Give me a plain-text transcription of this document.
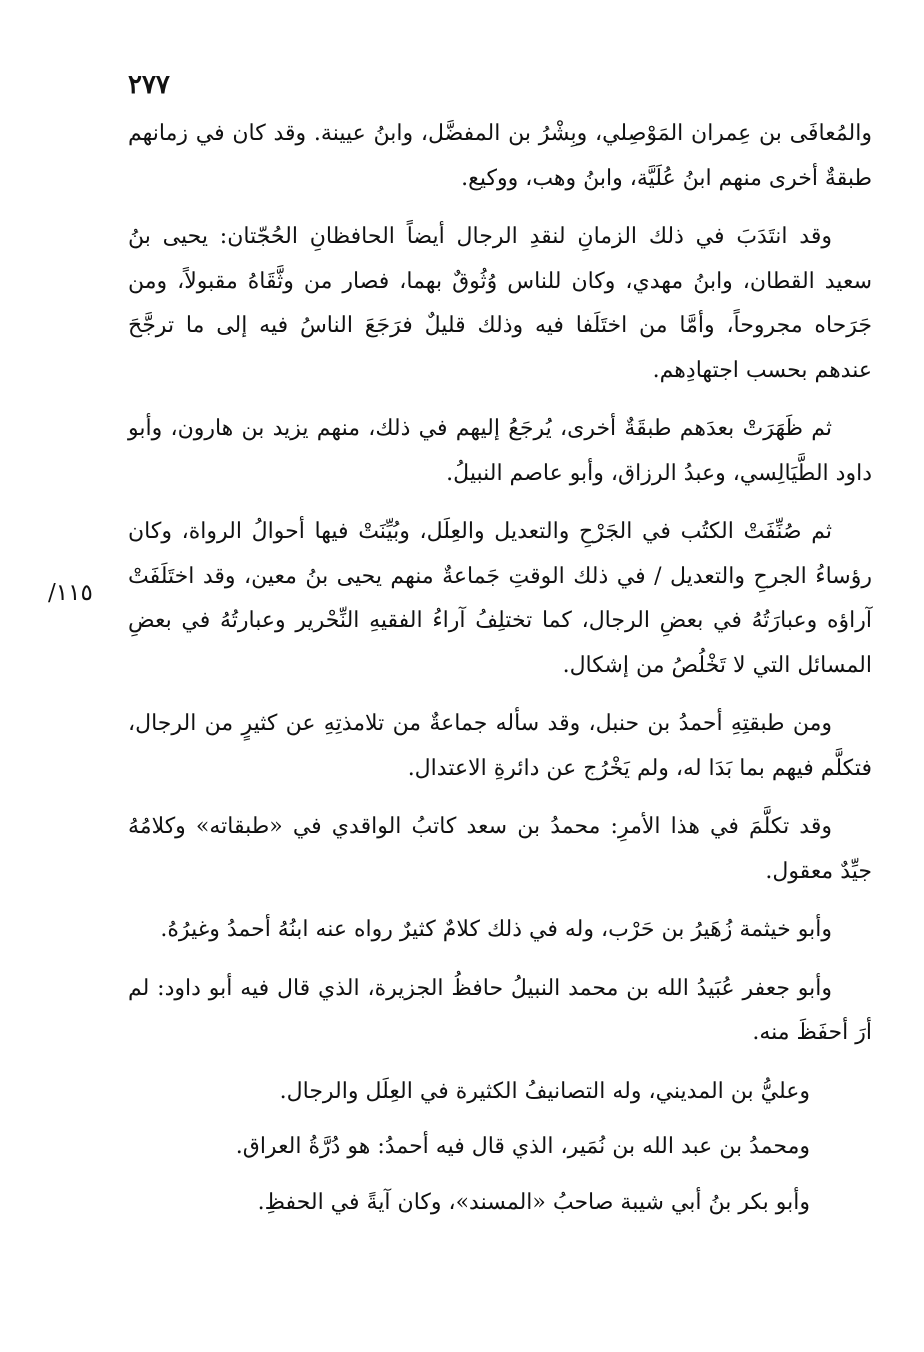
٢٧٧
١١٥/

والمُعافَى بن عِمران المَوْصِلي، وبِشْرُ بن المفضَّل، وابنُ عيينة. وقد كان في زمانهم طبقةٌ أخرى منهم ابنُ عُلَيَّة، وابنُ وهب، ووكيع.

وقد انتَدَبَ في ذلك الزمانِ لنقدِ الرجال أيضاً الحافظانِ الحُجّتان: يحيى بنُ سعيد القطان، وابنُ مهدي، وكان للناس وُثُوقٌ بهما، فصار من وثَّقَاهُ مقبولاً، ومن جَرَحاه مجروحاً، وأمَّا من اختَلَفا فيه وذلك قليلٌ فرَجَعَ الناسُ فيه إلى ما ترجَّحَ عندهم بحسب اجتهادِهم.

ثم ظَهَرَتْ بعدَهم طبقَةٌ أخرى، يُرجَعُ إليهم في ذلك، منهم يزيد بن هارون، وأبو داود الطَّيَالِسي، وعبدُ الرزاق، وأبو عاصم النبيلُ.

ثم صُنِّفَتْ الكتُب في الجَرْحِ والتعديل والعِلَل، وبُيِّنَتْ فيها أحوالُ الرواة، وكان رؤساءُ الجرحِ والتعديل / في ذلك الوقتِ جَماعةٌ منهم يحيى بنُ معين، وقد اختَلَفَتْ آراؤه وعبارَتُهُ في بعضِ الرجال، كما تختلِفُ آراءُ الفقيهِ النِّحْرير وعبارتُهُ في بعضِ المسائل التي لا تَخْلُصُ من إشكال.

ومن طبقتِهِ أحمدُ بن حنبل، وقد سأله جماعةٌ من تلامذتِهِ عن كثيرٍ من الرجال، فتكلَّم فيهم بما بَدَا له، ولم يَخْرُج عن دائرةِ الاعتدال.

وقد تكلَّمَ في هذا الأمرِ: محمدُ بن سعد كاتبُ الواقدي في «طبقاته» وكلامُهُ جيِّدٌ معقول.

وأبو خيثمة زُهَيرُ بن حَرْب، وله في ذلك كلامٌ كثيرٌ رواه عنه ابنُهُ أحمدُ وغيرُهُ.

وأبو جعفر عُبَيدُ الله بن محمد النبيلُ حافظُ الجزيرة، الذي قال فيه أبو داود: لم أرَ أحفَظَ منه.

وعليُّ بن المديني، وله التصانيفُ الكثيرة في العِلَل والرجال.

ومحمدُ بن عبد الله بن نُمَير، الذي قال فيه أحمدُ: هو دُرَّةُ العراق.

وأبو بكر بنُ أبي شيبة صاحبُ «المسند»، وكان آيةً في الحفظِ.
